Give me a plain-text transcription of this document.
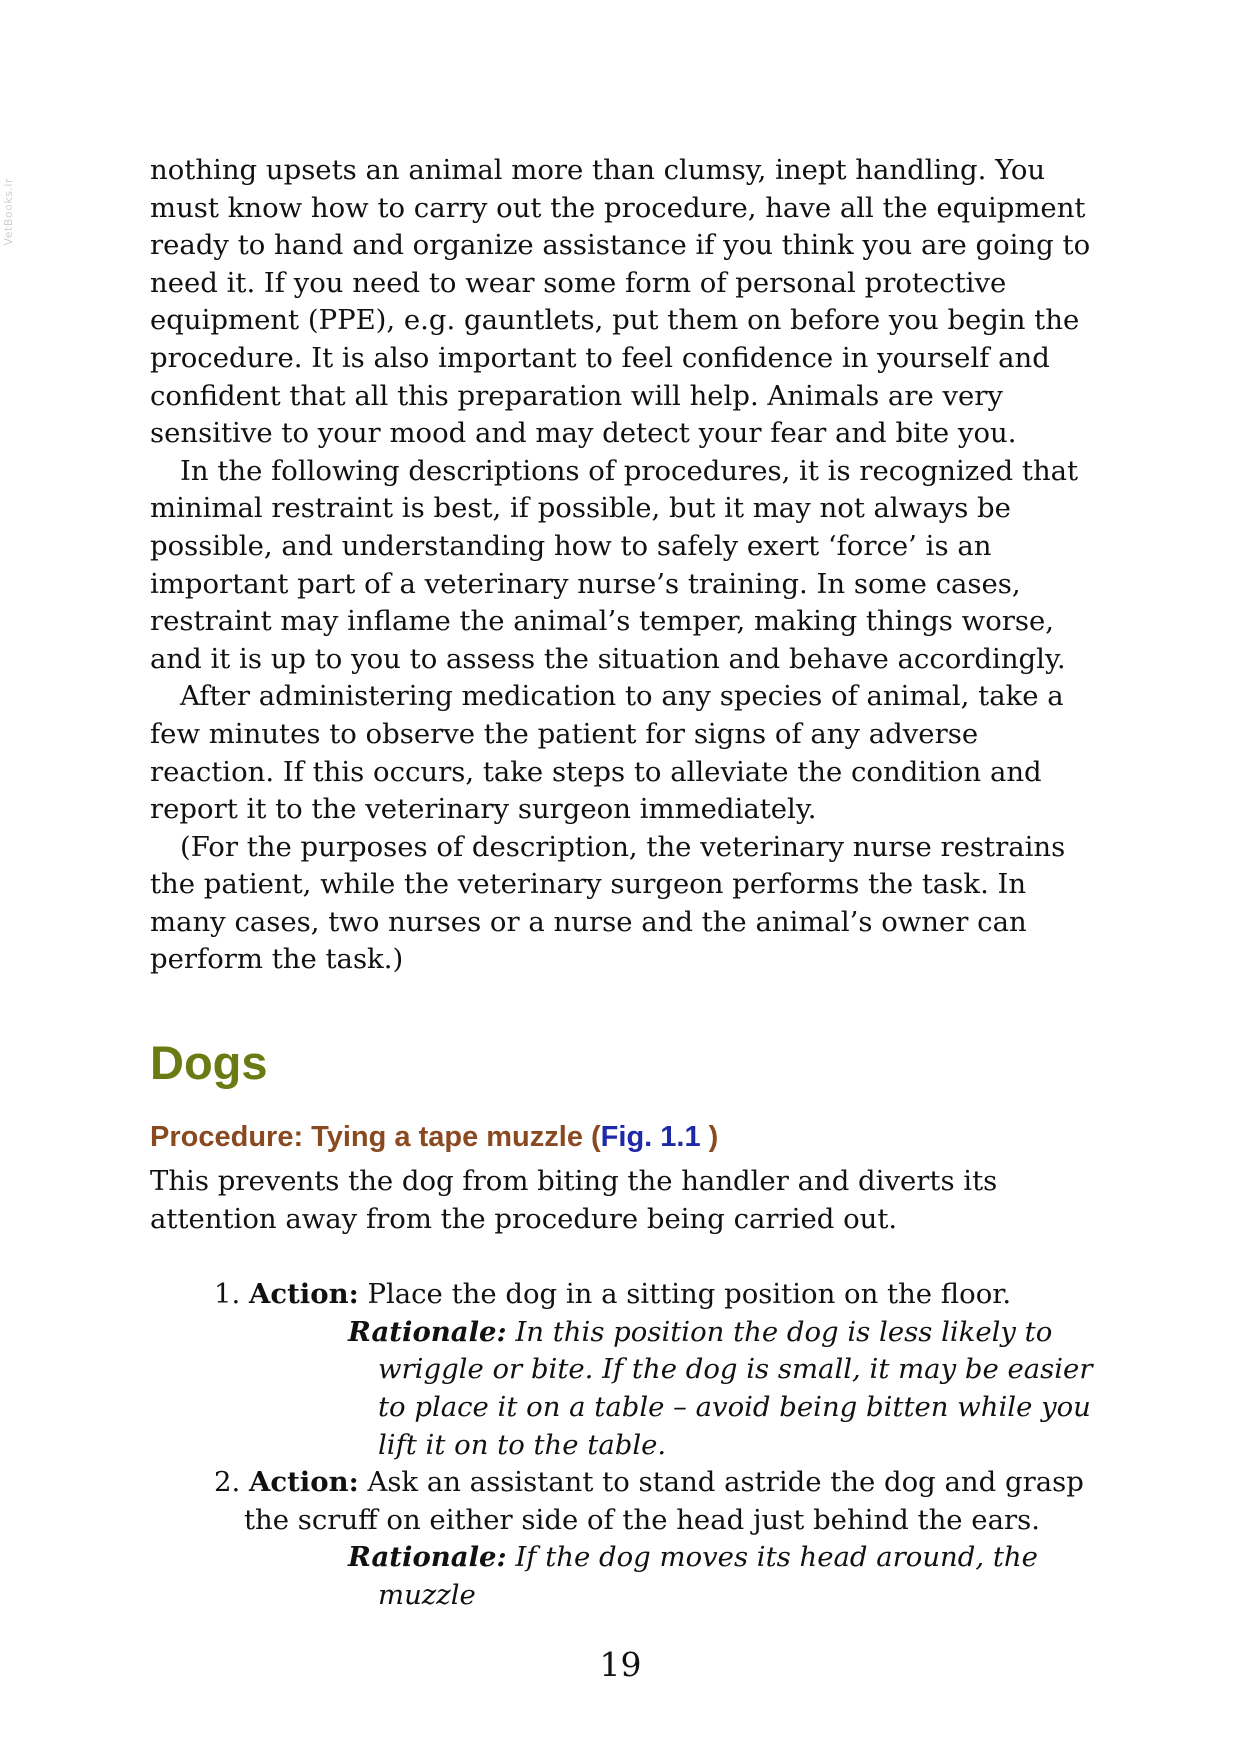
VetBooks.ir

nothing upsets an animal more than clumsy, inept handling. You must know how to carry out the procedure, have all the equipment ready to hand and organize assistance if you think you are going to need it. If you need to wear some form of personal protective equipment (PPE), e.g. gauntlets, put them on before you begin the procedure. It is also important to feel confidence in yourself and confident that all this preparation will help. Animals are very sensitive to your mood and may detect your fear and bite you.

In the following descriptions of procedures, it is recognized that minimal restraint is best, if possible, but it may not always be possible, and understanding how to safely exert ‘force’ is an important part of a veterinary nurse’s training. In some cases, restraint may inflame the animal’s temper, making things worse, and it is up to you to assess the situation and behave accordingly.

After administering medication to any species of animal, take a few minutes to observe the patient for signs of any adverse reaction. If this occurs, take steps to alleviate the condition and report it to the veterinary surgeon immediately.

(For the purposes of description, the veterinary nurse restrains the patient, while the veterinary surgeon performs the task. In many cases, two nurses or a nurse and the animal’s owner can perform the task.)

Dogs
Procedure: Tying a tape muzzle (Fig. 1.1 )

This prevents the dog from biting the handler and diverts its attention away from the procedure being carried out.

1. Action: Place the dog in a sitting position on the floor.
Rationale: In this position the dog is less likely to wriggle or bite. If the dog is small, it may be easier to place it on a table – avoid being bitten while you lift it on to the table.
2. Action: Ask an assistant to stand astride the dog and grasp the scruff on either side of the head just behind the ears.
Rationale: If the dog moves its head around, the muzzle
19
